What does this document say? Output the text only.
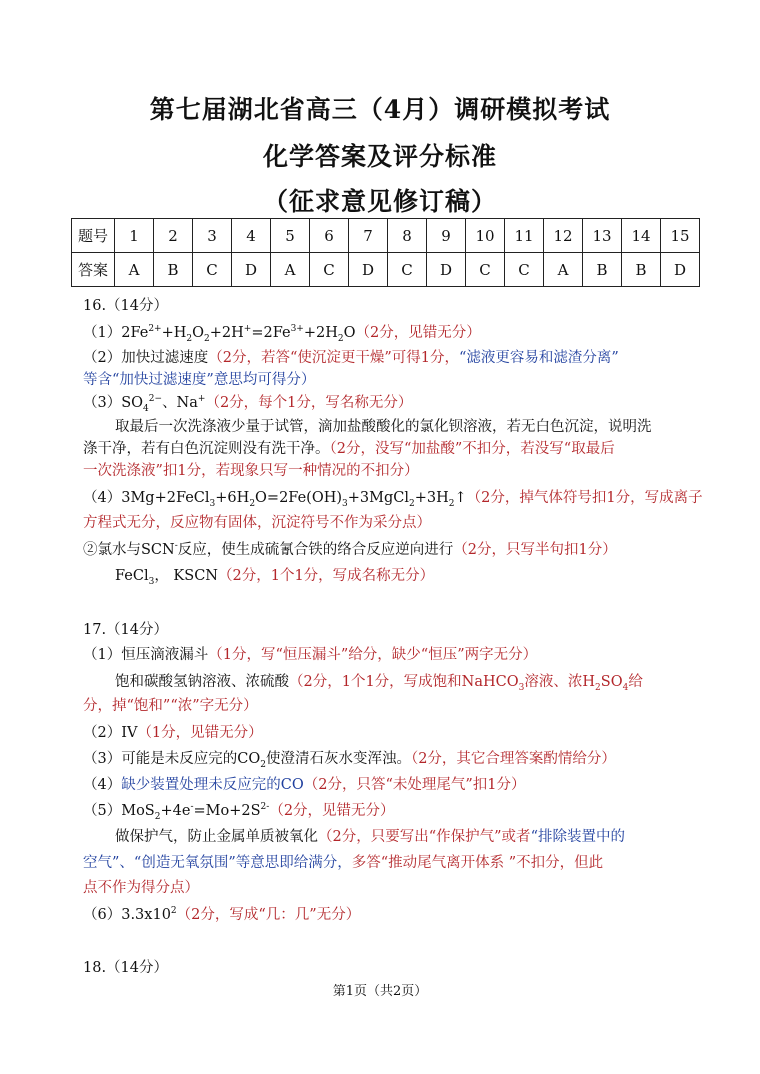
第七届湖北省高三（4月）调研模拟考试
化学答案及评分标准
（征求意见修订稿）
题号	1	2	3	4	5	6	7	8	9	10	11	12	13	14	15
答案	A	B	C	D	A	C	D	C	D	C	C	A	B	B	D
16.（14分）
$(1)2Fe^{2+}+H_2O_2+2H^+=2Fe^{3+}+2H_2O(2$分，见错无分）
（2）加快过滤速度（2分，若答“使沉淀更干燥”可得1分，“滤液更容易和滤渣分离”
等含“加快过滤速度”意思均可得分）
$(3)SO_4^{2-}$、Na+（2分，每个1分，写名称无分）
取最后一次洗涤液少量于试管，滴加盐酸酸化的氯化钡溶液，若无白色沉淀，说明洗
涤干净，若有白色沉淀则没有洗干净。（2分，没写“加盐酸”不扣分，若没写“取最后
一次洗涤液”扣1分，若现象只写一种情况的不扣分）
$(4)3Mg+2FeCl_3+6H_2O=2Fe(OH)_3+3MgCl_2+3H_2↑(2$分，掉气体符号扣1分，写成离子
方程式无分，反应物有固体，沉淀符号不作为采分点）
②氯水与SCN-反应，使生成硫氰合铁的络合反应逆向进行（2分，只写半句扣1分）
FeCl$_3$， KSCN（2分，1个1分，写成名称无分）
17.（14分）
（1）恒压滴液漏斗（1分，写“恒压漏斗”给分，缺少“恒压”两字无分）
饱和碳酸氢钠溶液、浓硫酸（2分，1个1分，写成饱和NaHCO$_3$溶液、浓$H_2SO_4$给
分，掉“饱和”“浓”字无分）
（2）IV（1分，见错无分）
（3）可能是未反应完的$CO_2$使澄清石灰水变浑浊。（2分，其它合理答案酌情给分）
（4）缺少装置处理未反应完的CO（2分，只答“未处理尾气”扣1分）
$(5)MoS_2+4e^-=Mo+2S^{2-}(2$分，见错无分）
做保护气，防止金属单质被氧化（2分，只要写出“作保护气”或者“排除装置中的
空气”、“创造无氧氛围”等意思即给满分，多答“推动尾气离开体系 ”不扣分，但此
点不作为得分点）
$(6)3.3x10^2(2$分，写成“几：几”无分）
18.（14分）
第1页（共2页）
